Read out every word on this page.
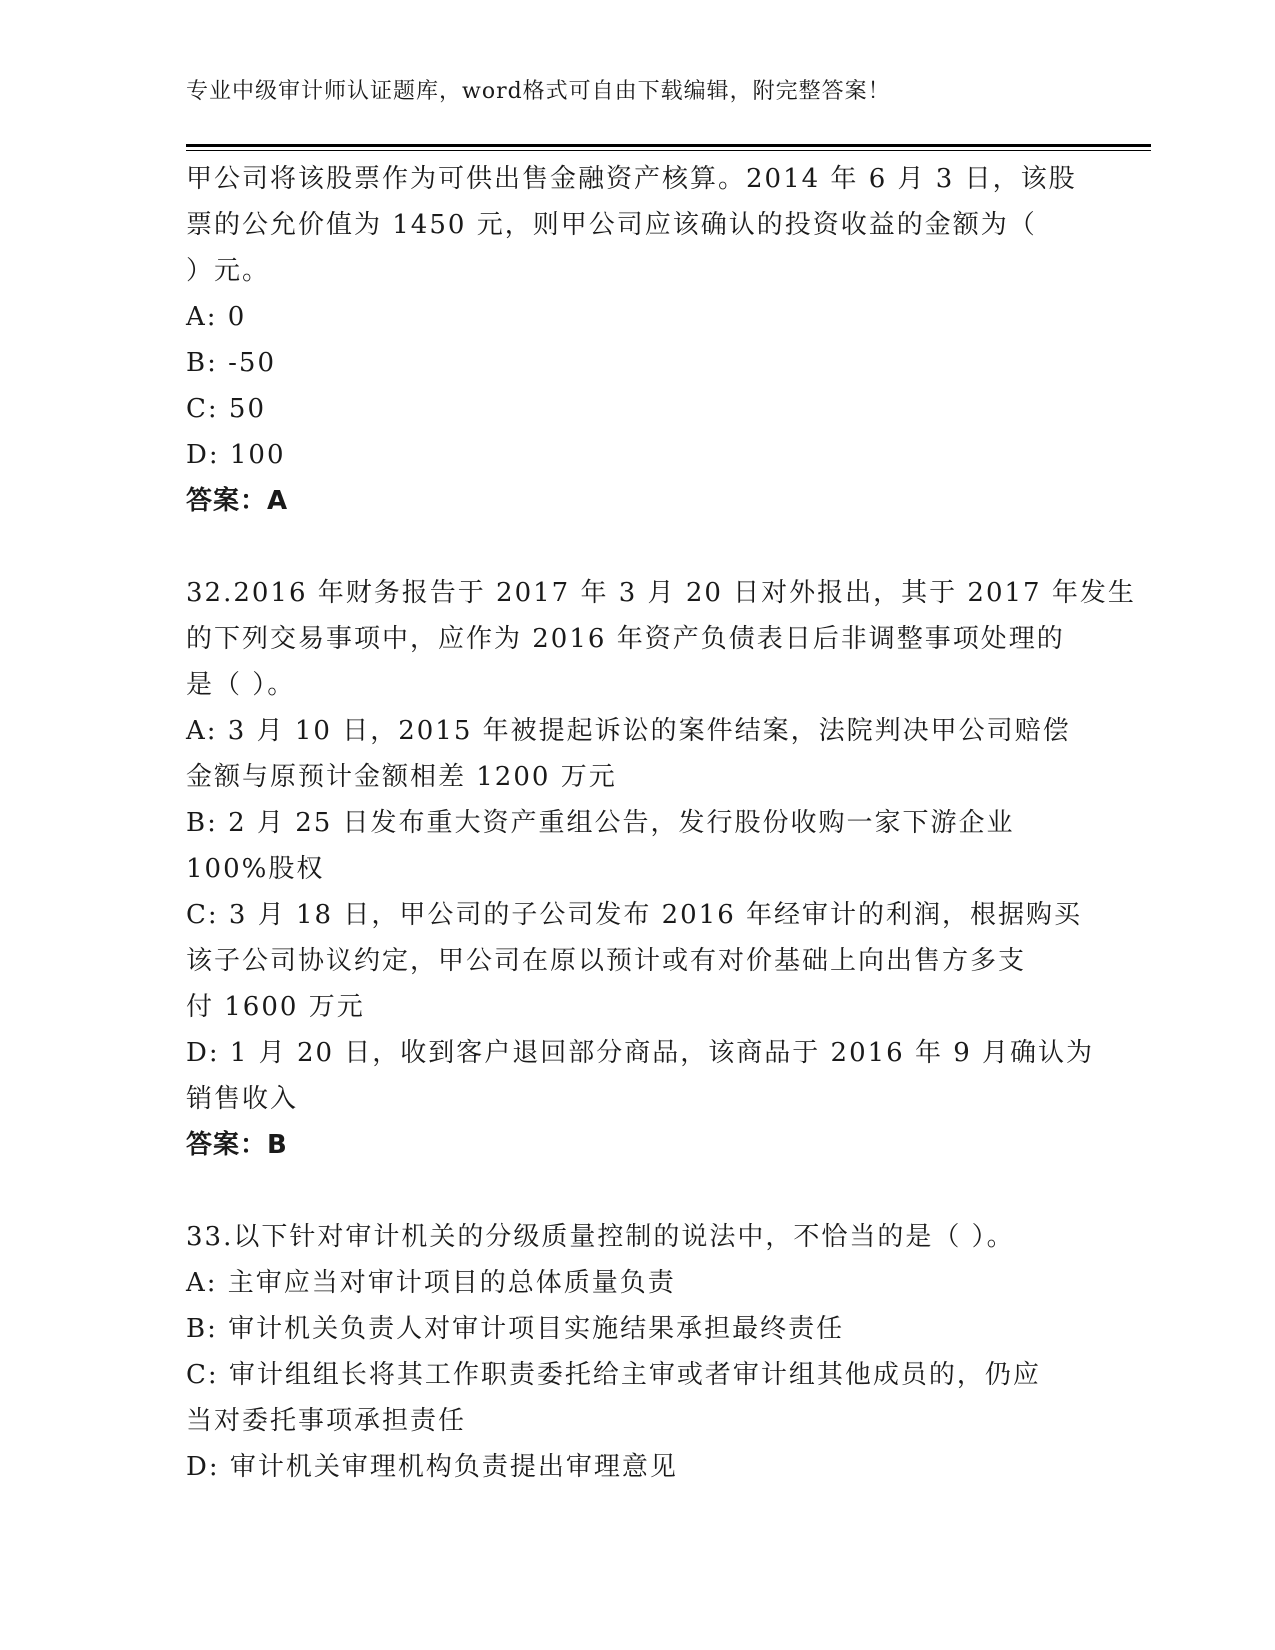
专业中级审计师认证题库，word格式可自由下载编辑，附完整答案！
甲公司将该股票作为可供出售金融资产核算。2014 年 6 月 3 日，该股
票的公允价值为 1450 元，则甲公司应该确认的投资收益的金额为（
）元。
A: 0
B: -50
C: 50
D: 100
答案：A
32.2016 年财务报告于 2017 年 3 月 20 日对外报出，其于 2017 年发生
的下列交易事项中，应作为 2016 年资产负债表日后非调整事项处理的
是（ ）。
A: 3 月 10 日，2015 年被提起诉讼的案件结案，法院判决甲公司赔偿
金额与原预计金额相差 1200 万元
B: 2 月 25 日发布重大资产重组公告，发行股份收购一家下游企业
100%股权
C: 3 月 18 日，甲公司的子公司发布 2016 年经审计的利润，根据购买
该子公司协议约定，甲公司在原以预计或有对价基础上向出售方多支
付 1600 万元
D: 1 月 20 日，收到客户退回部分商品，该商品于 2016 年 9 月确认为
销售收入
答案：B
33.以下针对审计机关的分级质量控制的说法中，不恰当的是（ ）。
A: 主审应当对审计项目的总体质量负责
B: 审计机关负责人对审计项目实施结果承担最终责任
C: 审计组组长将其工作职责委托给主审或者审计组其他成员的，仍应
当对委托事项承担责任
D: 审计机关审理机构负责提出审理意见
